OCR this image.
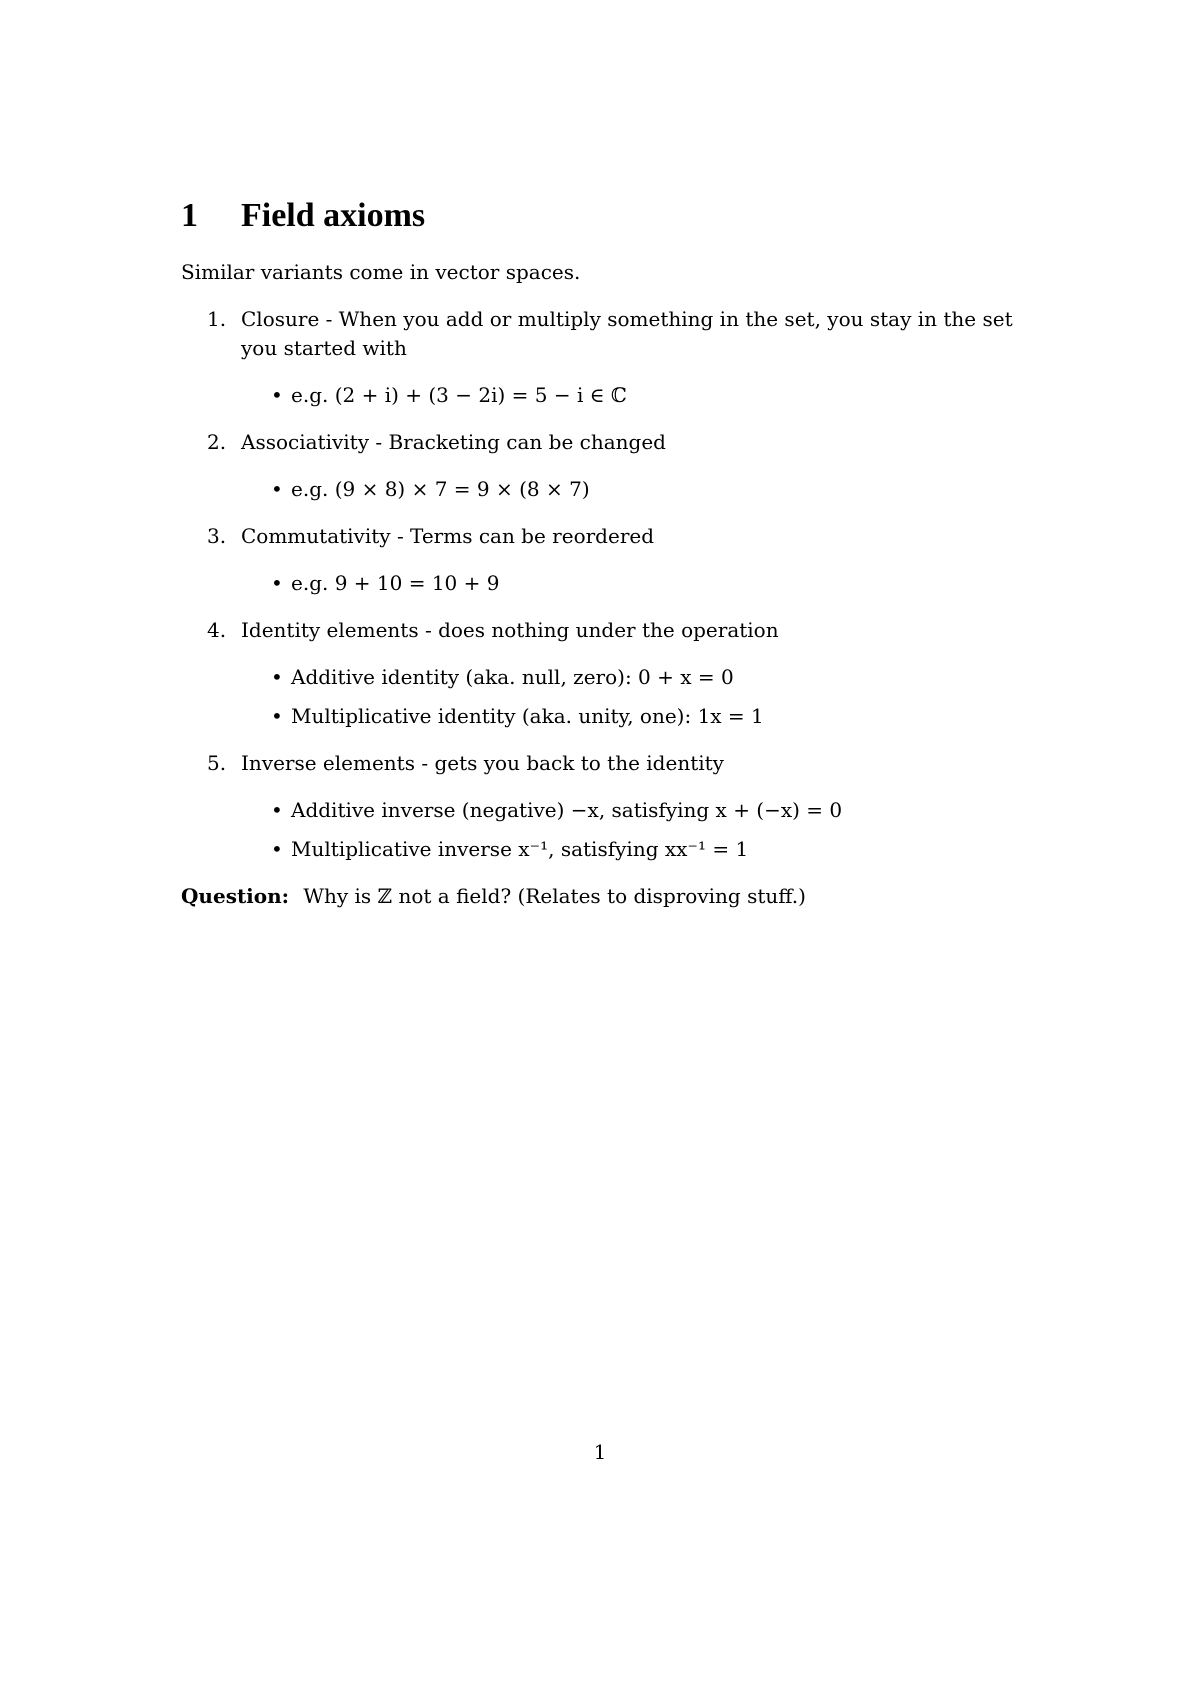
1	Field axioms

Similar variants come in vector spaces.

1. Closure - When you add or multiply something in the set, you stay in the set you started with
• e.g. (2 + i) + (3 − 2i) = 5 − i ∈ ℂ
2. Associativity - Bracketing can be changed
• e.g. (9 × 8) × 7 = 9 × (8 × 7)
3. Commutativity - Terms can be reordered
• e.g. 9 + 10 = 10 + 9
4. Identity elements - does nothing under the operation
• Additive identity (aka. null, zero): 0 + x = 0
• Multiplicative identity (aka. unity, one): 1x = 1
5. Inverse elements - gets you back to the identity
• Additive inverse (negative) −x, satisfying x + (−x) = 0
• Multiplicative inverse x⁻¹, satisfying xx⁻¹ = 1

Question: Why is ℤ not a field? (Relates to disproving stuff.)

1
